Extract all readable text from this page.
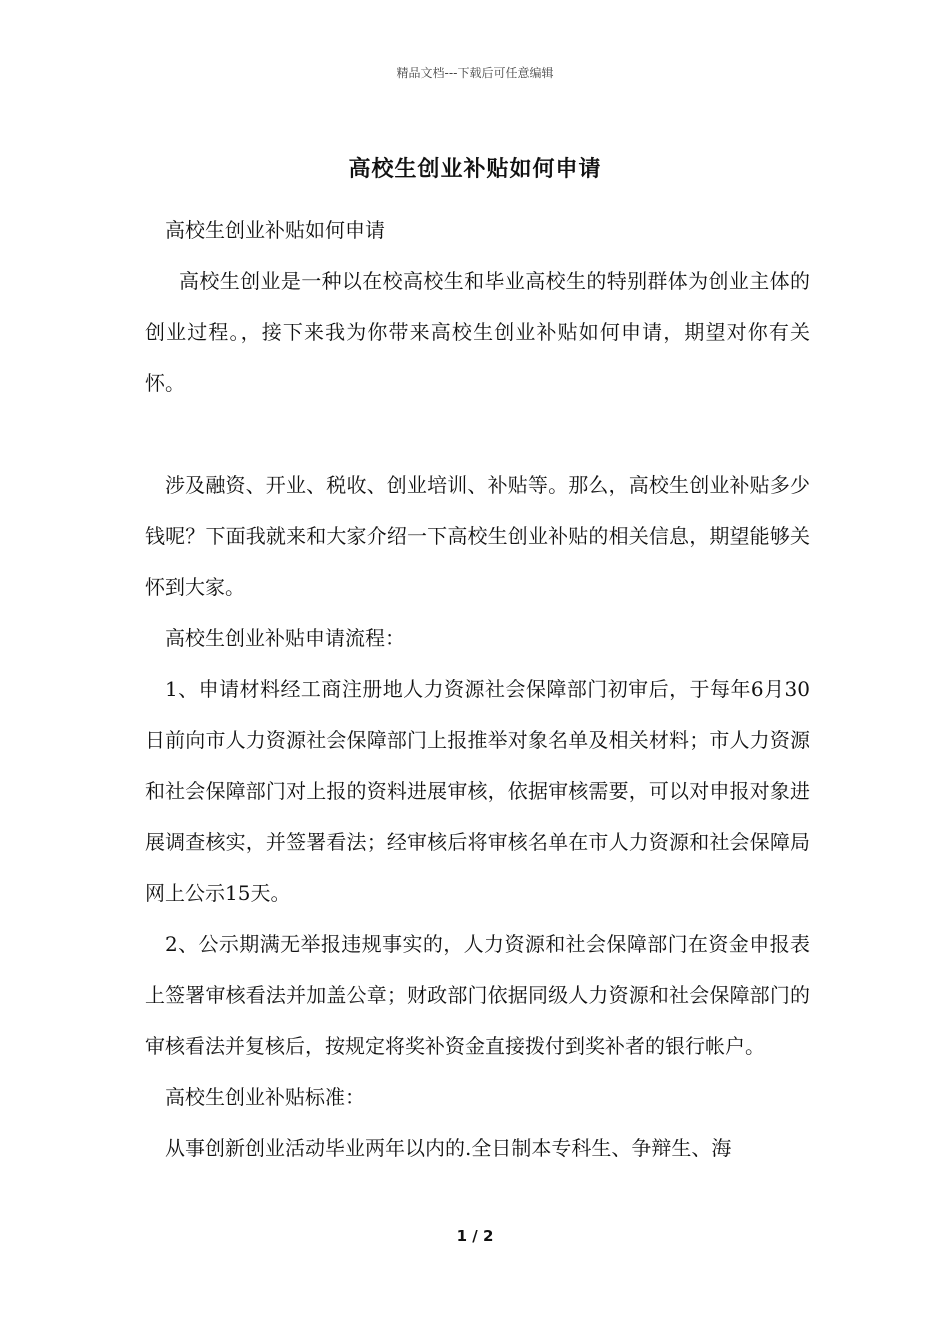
精品文档---下载后可任意编辑
高校生创业补贴如何申请

高校生创业补贴如何申请

高校生创业是一种以在校高校生和毕业高校生的特别群体为创业主体的创业过程。，接下来我为你带来高校生创业补贴如何申请，期望对你有关怀。

涉及融资、开业、税收、创业培训、补贴等。那么，高校生创业补贴多少钱呢？下面我就来和大家介绍一下高校生创业补贴的相关信息，期望能够关怀到大家。

高校生创业补贴申请流程：

1、申请材料经工商注册地人力资源社会保障部门初审后，于每年6月30日前向市人力资源社会保障部门上报推举对象名单及相关材料；市人力资源和社会保障部门对上报的资料进展审核，依据审核需要，可以对申报对象进展调查核实，并签署看法；经审核后将审核名单在市人力资源和社会保障局网上公示15天。

2、公示期满无举报违规事实的，人力资源和社会保障部门在资金申报表上签署审核看法并加盖公章；财政部门依据同级人力资源和社会保障部门的审核看法并复核后，按规定将奖补资金直接拨付到奖补者的银行帐户。

高校生创业补贴标准：

从事创新创业活动毕业两年以内的.全日制本专科生、争辩生、海

1 / 2
